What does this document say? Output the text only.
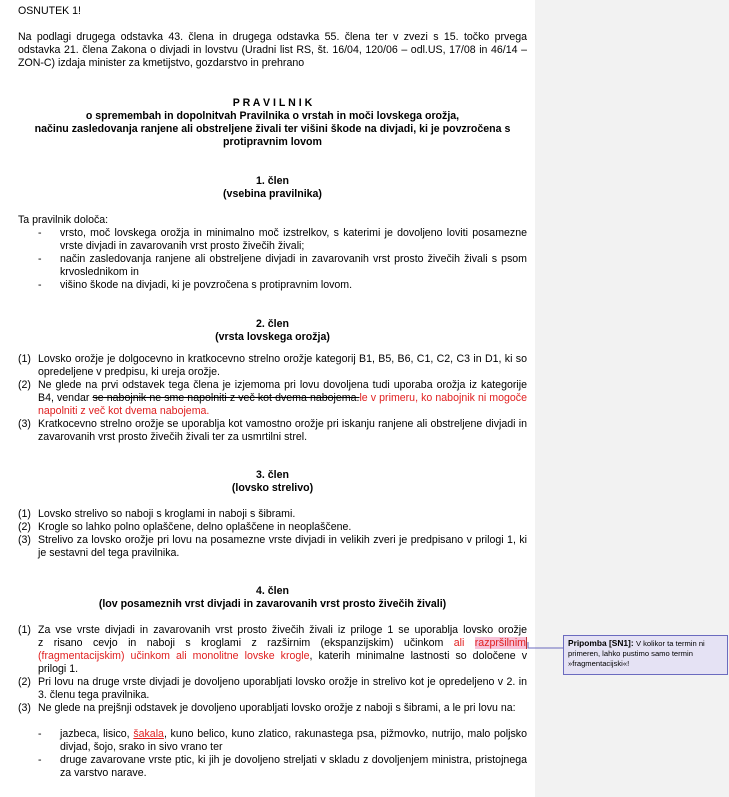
OSNUTEK 1!
Na podlagi drugega odstavka 43. člena in drugega odstavka 55. člena ter v zvezi s 15. točko prvega odstavka 21. člena Zakona o divjadi in lovstvu (Uradni list RS, št. 16/04, 120/06 – odl.US, 17/08 in 46/14 – ZON-C) izdaja minister za kmetijstvo, gozdarstvo in prehrano
P R A V I L N I K
o spremembah in dopolnitvah Pravilnika o vrstah in moči lovskega orožja,
načinu zasledovanja ranjene ali obstreljene živali ter višini škode na divjadi, ki je povzročena s
protipravnim lovom
1. člen
(vsebina pravilnika)
Ta pravilnik določa:
- vrsto, moč lovskega orožja in minimalno moč izstrelkov, s katerimi je dovoljeno loviti posamezne vrste divjadi in zavarovanih vrst prosto živečih živali;
- način zasledovanja ranjene ali obstreljene divjadi in zavarovanih vrst prosto živečih živali s psom krvoslednikom in
- višino škode na divjadi, ki je povzročena s protipravnim lovom.
2. člen
(vrsta lovskega orožja)
(1) Lovsko orožje je dolgocevno in kratkocevno strelno orožje kategorij B1, B5, B6, C1, C2, C3 in D1, ki so opredeljene v predpisu, ki ureja orožje.
(2) Ne glede na prvi odstavek tega člena je izjemoma pri lovu dovoljena tudi uporaba orožja iz kategorije B4, vendar se nabojnik ne sme napolniti z več kot dvema nabojema.le v primeru, ko nabojnik ni mogoče napolniti z več kot dvema nabojema.
(3) Kratkocevno strelno orožje se uporablja kot vamostno orožje pri iskanju ranjene ali obstreljene divjadi in zavarovanih vrst prosto živečih živali ter za usmrtilni strel.
3. člen
(lovsko strelivo)
(1) Lovsko strelivo so naboji s kroglami in naboji s šibrami.
(2) Krogle so lahko polno oplaščene, delno oplaščene in neoplaščene.
(3) Strelivo za lovsko orožje pri lovu na posamezne vrste divjadi in velikih zveri je predpisano v prilogi 1, ki je sestavni del tega pravilnika.
4. člen
(lov posameznih vrst divjadi in zavarovanih vrst prosto živečih živali)
(1) Za vse vrste divjadi in zavarovanih vrst prosto živečih živali iz priloge 1 se uporablja lovsko orožje
z risano cevjo in naboji s kroglami z razširnim (ekspanzijskim) učinkom ali razpršilnim
(fragmentacijskim) učinkom ali monolitne lovske krogle, katerih minimalne lastnosti so določene v
prilogi 1.
(2) Pri lovu na druge vrste divjadi je dovoljeno uporabljati lovsko orožje in strelivo kot je opredeljeno v 2. in 3. členu tega pravilnika.
(3) Ne glede na prejšnji odstavek je dovoljeno uporabljati lovsko orožje z naboji s šibrami, a le pri lovu na:
- jazbeca, lisico, šakala, kuno belico, kuno zlatico, rakunastega psa, pižmovko, nutrijo, malo poljsko divjad, šojo, srako in sivo vrano ter
- druge zavarovane vrste ptic, ki jih je dovoljeno streljati v skladu z dovoljenjem ministra, pristojnega za varstvo narave.
Pripomba [SN1]: V kolikor ta termin ni primeren, lahko pustimo samo termin »fragmentacijski«!
